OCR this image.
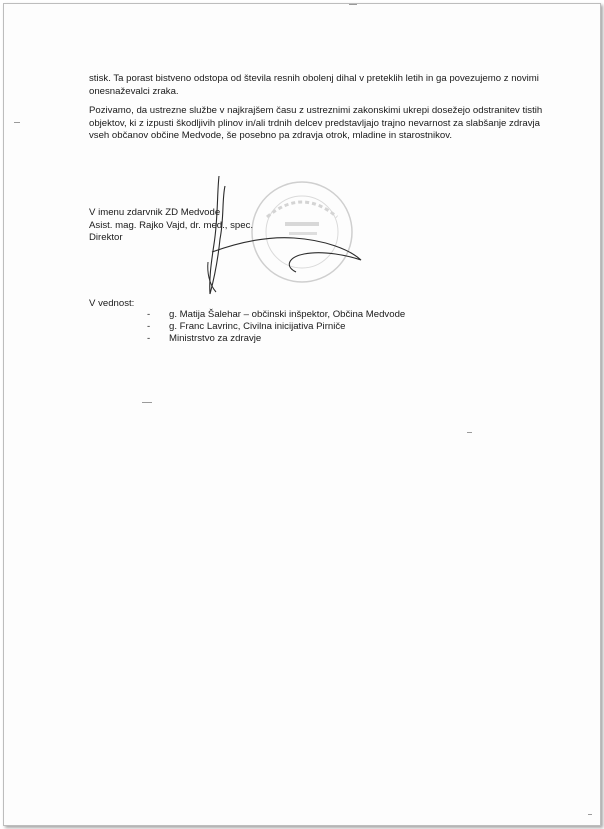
stisk. Ta porast bistveno odstopa od števila resnih obolenj dihal v preteklih letih in ga povezujemo z novimi onesnaževalci zraka.

Pozivamo, da ustrezne službe v najkrajšem času z ustreznimi zakonskimi ukrepi dosežejo odstranitev tistih objektov, ki z izpusti škodljivih plinov in/ali trdnih delcev predstavljajo trajno nevarnost za slabšanje zdravja vseh občanov občine Medvode, še posebno pa zdravja otrok, mladine in starostnikov.

V imenu zdarvnik ZD Medvode
Asist. mag. Rajko Vajd, dr. med., spec.
Direktor
V vednost:
-	g. Matija Šalehar – občinski inšpektor, Občina Medvode
-	g. Franc Lavrinc, Civilna inicijativa Pirniče
-	Ministrstvo za zdravje
